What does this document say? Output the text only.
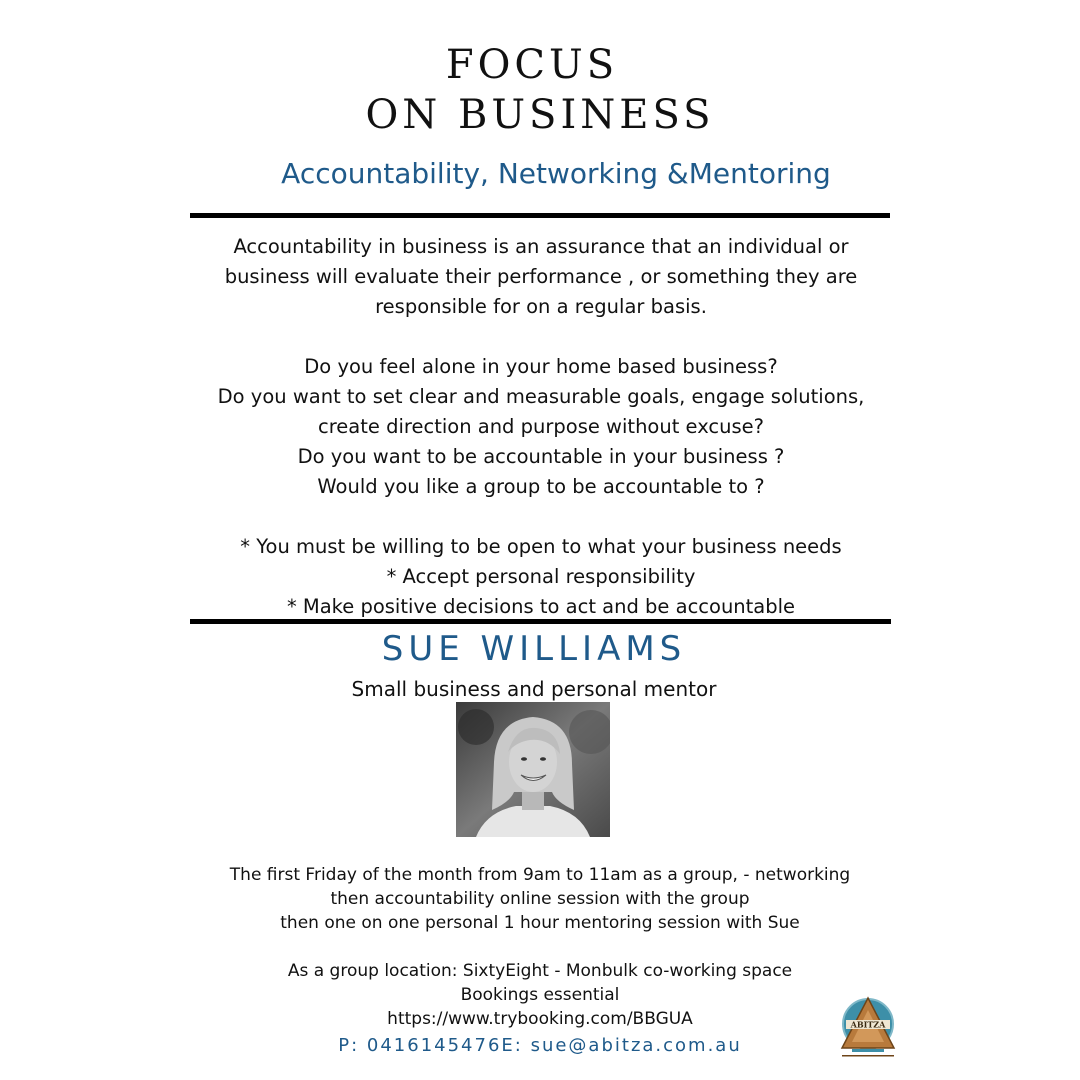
FOCUS
ON BUSINESS
Accountability, Networking &Mentoring
Accountability in business is an assurance that an individual or
business will evaluate their performance , or something they are
responsible for on a regular basis.
Do you feel alone in your home based business?
Do you want to set clear and measurable goals, engage solutions,
create direction and purpose without excuse?
Do you want to be accountable in your business ?
Would you like a group to be accountable to ?
* You must be willing to be open to what your business needs
* Accept personal responsibility
* Make positive decisions to act and be accountable
SUE WILLIAMS
Small business and personal mentor
The first Friday of the month from 9am to 11am as a group, - networking
then accountability online session with the group
then one on one personal 1 hour mentoring session with Sue
As a group location: SixtyEight - Monbulk co-working space
Bookings essential
https://www.trybooking.com/BBGUA
P: 0416145476E: sue@abitza.com.au
ABITZA
